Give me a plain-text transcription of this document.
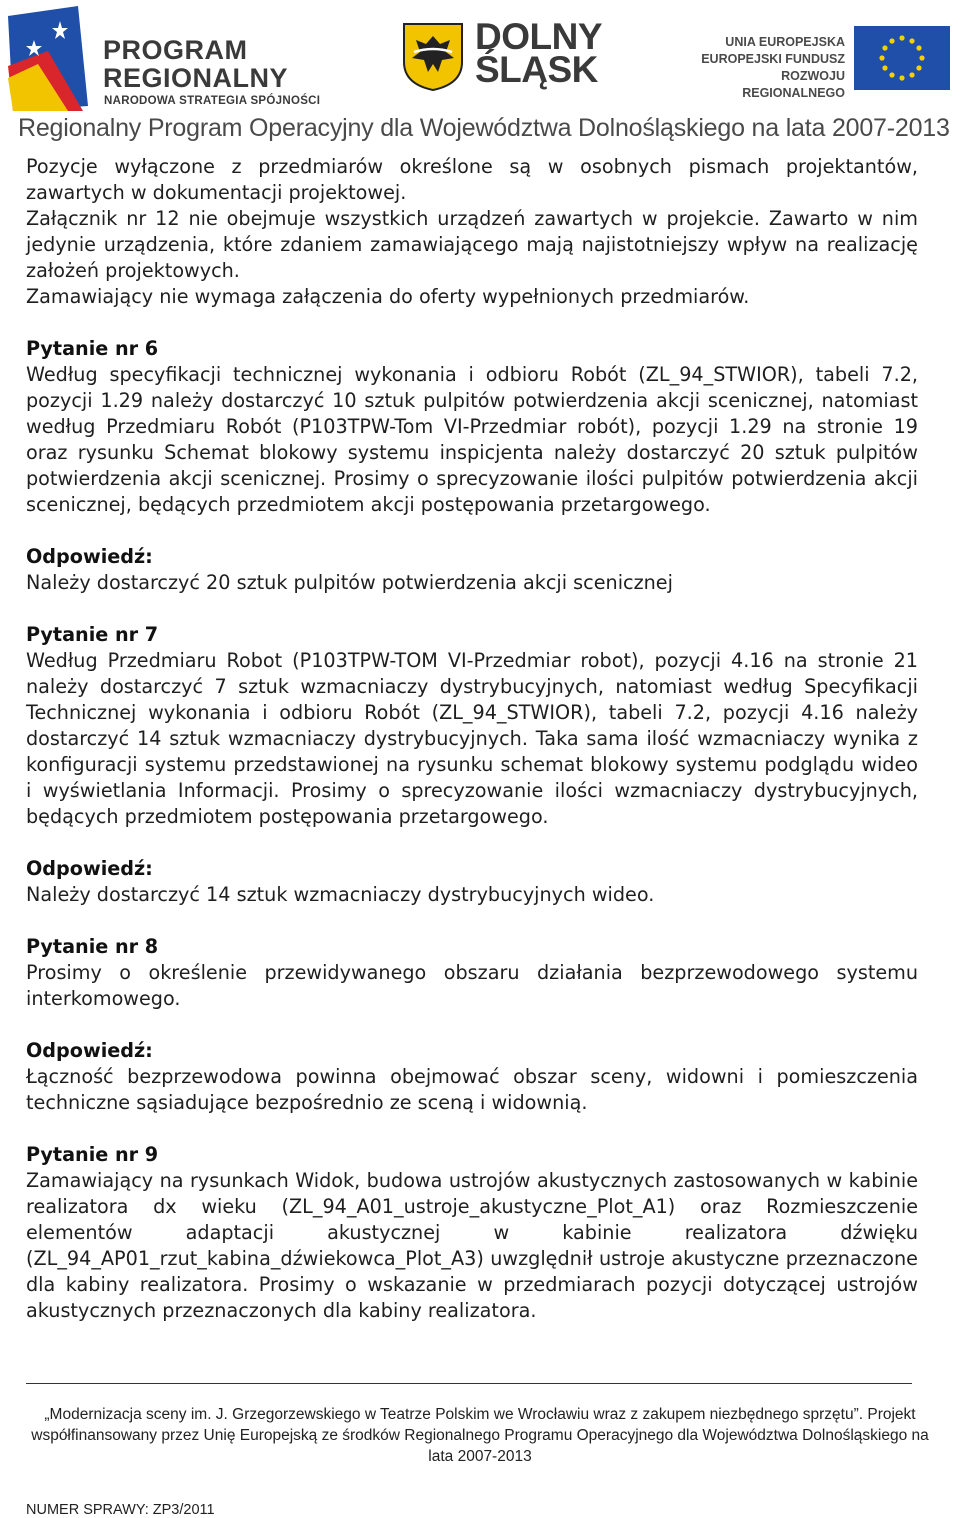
PROGRAM
REGIONALNY
NARODOWA STRATEGIA SPÓJNOŚCI
DOLNY
ŚLĄSK
UNIA EUROPEJSKA
EUROPEJSKI FUNDUSZ
ROZWOJU REGIONALNEGO
Regionalny Program Operacyjny dla Województwa Dolnośląskiego na lata 2007-2013

Pozycje wyłączone z przedmiarów określone są w osobnych pismach projektantów, zawartych w dokumentacji projektowej.

Załącznik nr 12 nie obejmuje wszystkich urządzeń zawartych w projekcie. Zawarto w nim jedynie urządzenia, które zdaniem zamawiającego mają najistotniejszy wpływ na realizację założeń projektowych.

Zamawiający nie wymaga załączenia do oferty wypełnionych przedmiarów.

Pytanie nr 6

Według specyfikacji technicznej wykonania i odbioru Robót (ZL_94_STWIOR), tabeli 7.2, pozycji 1.29 należy dostarczyć 10 sztuk pulpitów potwierdzenia akcji scenicznej, natomiast według Przedmiaru Robót (P103TPW-Tom VI-Przedmiar robót), pozycji 1.29 na stronie 19 oraz rysunku Schemat blokowy systemu inspicjenta należy dostarczyć 20 sztuk pulpitów potwierdzenia akcji scenicznej. Prosimy o sprecyzowanie ilości pulpitów potwierdzenia akcji scenicznej, będących przedmiotem akcji postępowania przetargowego.

Odpowiedź:

Należy dostarczyć 20 sztuk pulpitów potwierdzenia akcji scenicznej

Pytanie nr 7

Według Przedmiaru Robot (P103TPW-TOM VI-Przedmiar robot), pozycji 4.16 na stronie 21 należy dostarczyć 7 sztuk wzmacniaczy dystrybucyjnych, natomiast według Specyfikacji Technicznej wykonania i odbioru Robót (ZL_94_STWIOR), tabeli 7.2, pozycji 4.16 należy dostarczyć 14 sztuk wzmacniaczy dystrybucyjnych. Taka sama ilość wzmacniaczy wynika z konfiguracji systemu przedstawionej na rysunku schemat blokowy systemu podglądu wideo i wyświetlania Informacji. Prosimy o sprecyzowanie ilości wzmacniaczy dystrybucyjnych, będących przedmiotem postępowania przetargowego.

Odpowiedź:

Należy dostarczyć 14 sztuk wzmacniaczy dystrybucyjnych wideo.

Pytanie nr 8

Prosimy o określenie przewidywanego obszaru działania bezprzewodowego systemu interkomowego.

Odpowiedź:

Łączność bezprzewodowa powinna obejmować obszar sceny, widowni i pomieszczenia techniczne sąsiadujące bezpośrednio ze sceną i widownią.

Pytanie nr 9

Zamawiający na rysunkach Widok, budowa ustrojów akustycznych zastosowanych w kabinie realizatora dx wieku (ZL_94_A01_ustroje_akustyczne_Plot_A1) oraz Rozmieszczenie elementów adaptacji akustycznej w kabinie realizatora dźwięku (ZL_94_AP01_rzut_kabina_dźwiekowca_Plot_A3) uwzględnił ustroje akustyczne przeznaczone dla kabiny realizatora. Prosimy o wskazanie w przedmiarach pozycji dotyczącej ustrojów akustycznych przeznaczonych dla kabiny realizatora.

„Modernizacja sceny im. J. Grzegorzewskiego w Teatrze Polskim we Wrocławiu wraz z zakupem niezbędnego sprzętu”. Projekt współfinansowany przez Unię Europejską ze środków Regionalnego Programu Operacyjnego dla Województwa Dolnośląskiego na lata 2007-2013
NUMER SPRAWY: ZP3/2011
